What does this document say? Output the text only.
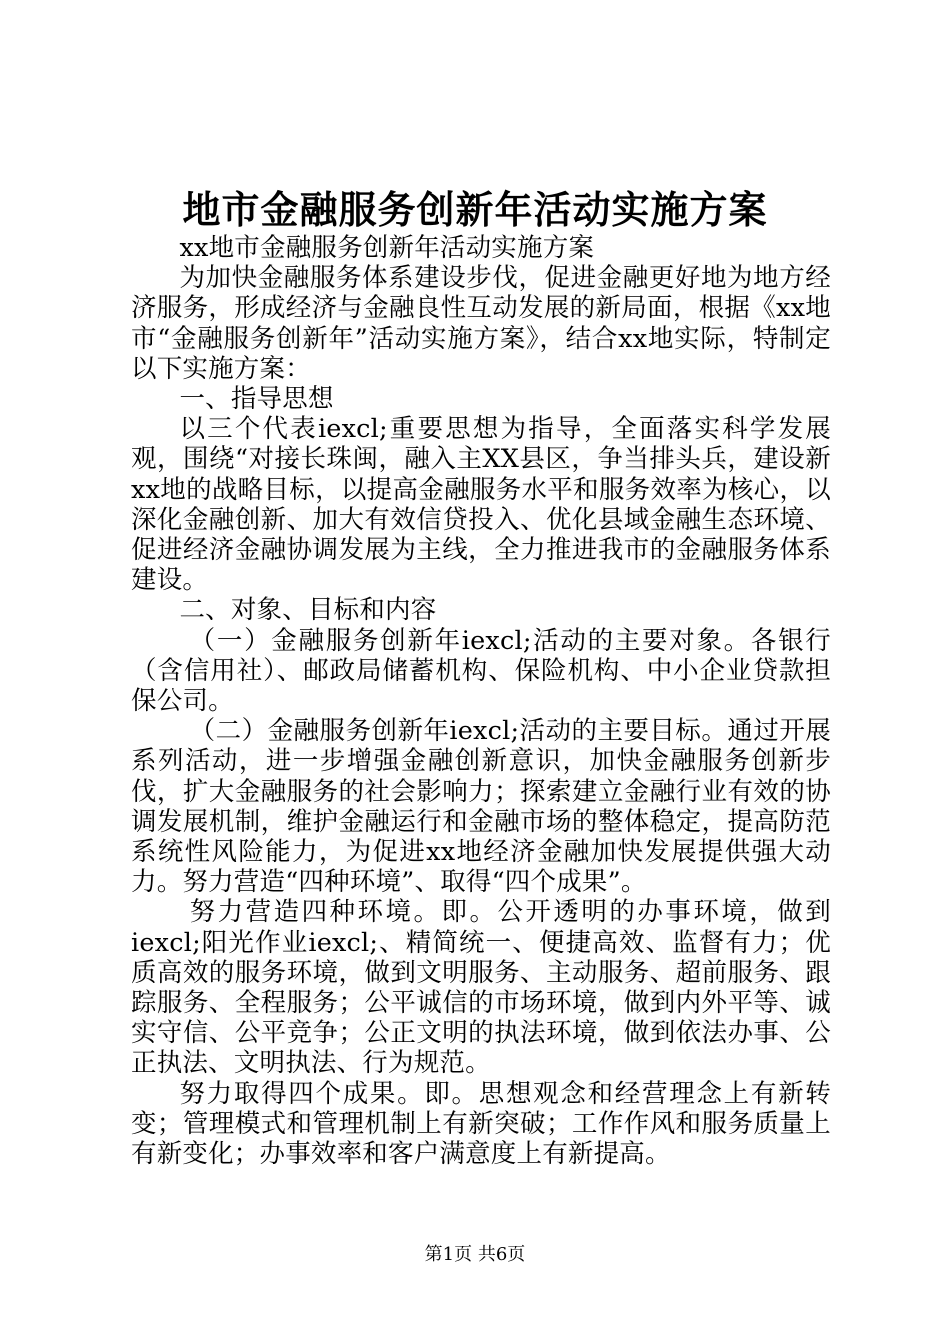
地市金融服务创新年活动实施方案

xx地市金融服务创新年活动实施方案

为加快金融服务体系建设步伐，促进金融更好地为地方经济服务，形成经济与金融良性互动发展的新局面，根据《xx地市“金融服务创新年”活动实施方案》，结合xx地实际，特制定以下实施方案：

一、指导思想

以三个代表iexcl;重要思想为指导，全面落实科学发展观，围绕“对接长珠闽，融入主XX县区，争当排头兵，建设新xx地的战略目标，以提高金融服务水平和服务效率为核心，以深化金融创新、加大有效信贷投入、优化县域金融生态环境、促进经济金融协调发展为主线，全力推进我市的金融服务体系建设。

二、对象、目标和内容

（一）金融服务创新年iexcl;活动的主要对象。各银行（含信用社）、邮政局储蓄机构、保险机构、中小企业贷款担保公司。

（二）金融服务创新年iexcl;活动的主要目标。通过开展系列活动，进一步增强金融创新意识，加快金融服务创新步伐，扩大金融服务的社会影响力；探索建立金融行业有效的协调发展机制，维护金融运行和金融市场的整体稳定，提高防范系统性风险能力，为促进xx地经济金融加快发展提供强大动力。努力营造“四种环境”、取得“四个成果”。

努力营造四种环境。即。公开透明的办事环境，做到iexcl;阳光作业iexcl;、精简统一、便捷高效、监督有力；优质高效的服务环境，做到文明服务、主动服务、超前服务、跟踪服务、全程服务；公平诚信的市场环境，做到内外平等、诚实守信、公平竞争；公正文明的执法环境，做到依法办事、公正执法、文明执法、行为规范。

努力取得四个成果。即。思想观念和经营理念上有新转变；管理模式和管理机制上有新突破；工作作风和服务质量上有新变化；办事效率和客户满意度上有新提高。

第1页 共6页
